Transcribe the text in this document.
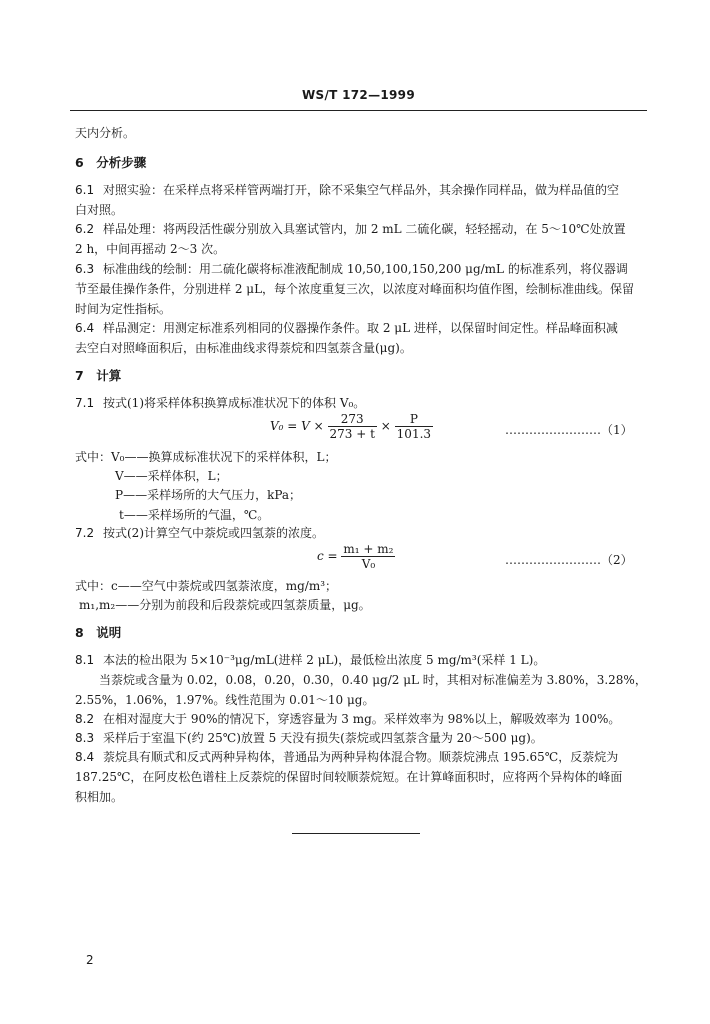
WS/T 172—1999
天内分析。
6　分析步骤
6.1 对照实验：在采样点将采样管两端打开，除不采集空气样品外，其余操作同样品，做为样品值的空
白对照。
6.2 样品处理：将两段活性碳分别放入具塞试管内，加 2 mL 二硫化碳，轻轻摇动，在 5～10℃处放置
2 h，中间再摇动 2～3 次。
6.3 标准曲线的绘制：用二硫化碳将标准液配制成 10,50,100,150,200 μg/mL 的标准系列，将仪器调
节至最佳操作条件，分别进样 2 μL，每个浓度重复三次，以浓度对峰面积均值作图，绘制标准曲线。保留
时间为定性指标。
6.4 样品测定：用测定标准系列相同的仪器操作条件。取 2 μL 进样，以保留时间定性。样品峰面积减
去空白对照峰面积后，由标准曲线求得萘烷和四氢萘含量(μg)。
7　计算
7.1 按式(1)将采样体积换算成标准状况下的体积 V₀。
$V_0 = V \times \frac{273}{273 + t} \times \frac{P}{101.3}$	……………………（1）
式中：V₀——换算成标准状况下的采样体积，L；
V——采样体积，L；
P——采样场所的大气压力，kPa；
t——采样场所的气温，℃。
7.2 按式(2)计算空气中萘烷或四氢萘的浓度。
$c = \frac{\text{m₁ + m₂}}{\text{V₀}}$	……………………（2）
式中：c——空气中萘烷或四氢萘浓度，mg/m³；
m₁,m₂——分别为前段和后段萘烷或四氢萘质量，μg。
8　说明
8.1 本法的检出限为 5×10⁻³μg/mL(进样 2 μL)，最低检出浓度 5 mg/m³(采样 1 L)。
当萘烷或含量为 0.02，0.08，0.20，0.30，0.40 μg/2 μL 时，其相对标准偏差为 3.80%，3.28%，
2.55%，1.06%，1.97%。线性范围为 0.01～10 μg。
8.2 在相对湿度大于 90%的情况下，穿透容量为 3 mg。采样效率为 98%以上，解吸效率为 100%。
8.3 采样后于室温下(约 25℃)放置 5 天没有损失(萘烷或四氢萘含量为 20～500 μg)。
8.4 萘烷具有顺式和反式两种异构体，普通品为两种异构体混合物。顺萘烷沸点 195.65℃，反萘烷为
187.25℃，在阿皮松色谱柱上反萘烷的保留时间较顺萘烷短。在计算峰面积时，应将两个异构体的峰面
积相加。
2
